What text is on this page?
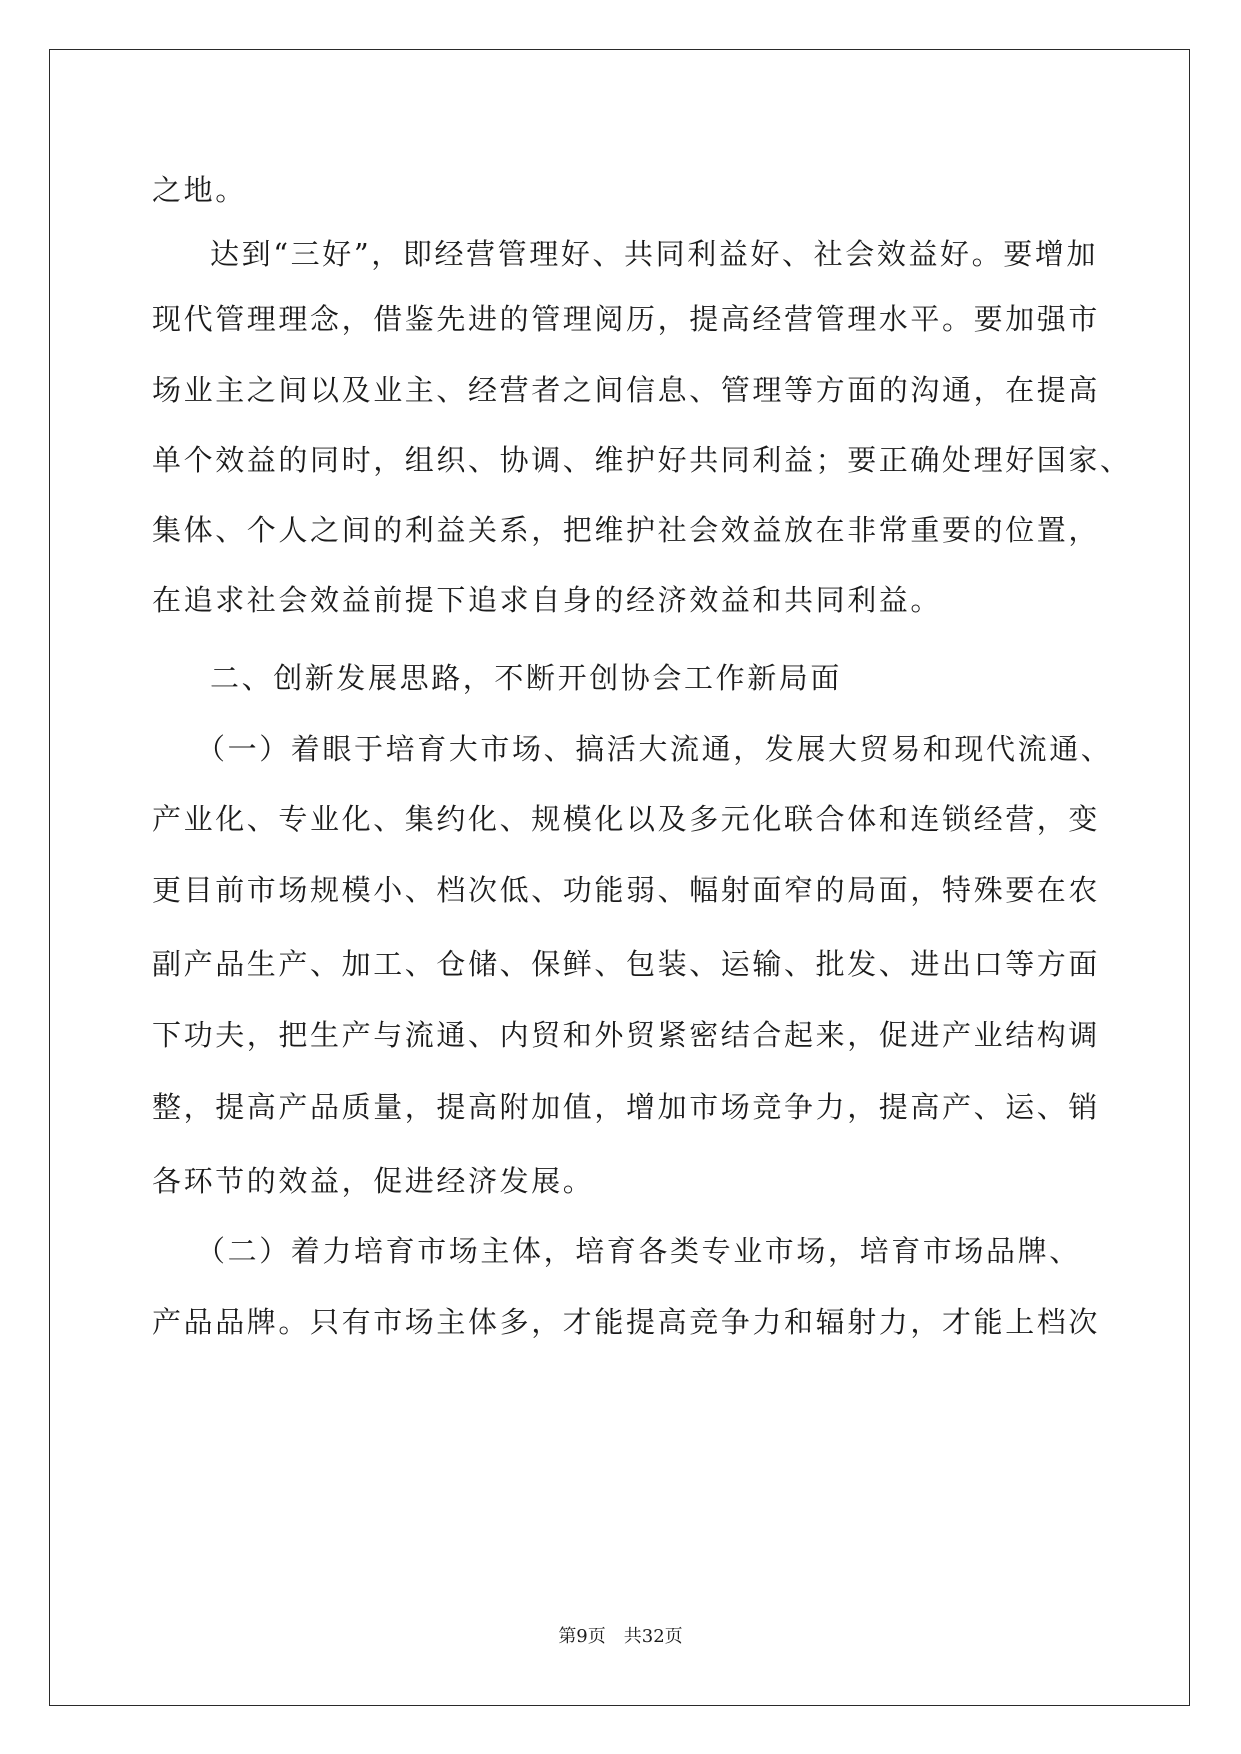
之地。
达到“三好”，即经营管理好、共同利益好、社会效益好。要增加
现代管理理念，借鉴先进的管理阅历，提高经营管理水平。要加强市
场业主之间以及业主、经营者之间信息、管理等方面的沟通，在提高
单个效益的同时，组织、协调、维护好共同利益；要正确处理好国家、
集体、个人之间的利益关系，把维护社会效益放在非常重要的位置，
在追求社会效益前提下追求自身的经济效益和共同利益。
二、创新发展思路，不断开创协会工作新局面
（一）着眼于培育大市场、搞活大流通，发展大贸易和现代流通、
产业化、专业化、集约化、规模化以及多元化联合体和连锁经营，变
更目前市场规模小、档次低、功能弱、幅射面窄的局面，特殊要在农
副产品生产、加工、仓储、保鲜、包装、运输、批发、进出口等方面
下功夫，把生产与流通、内贸和外贸紧密结合起来，促进产业结构调
整，提高产品质量，提高附加值，增加市场竞争力，提高产、运、销
各环节的效益，促进经济发展。
（二）着力培育市场主体，培育各类专业市场，培育市场品牌、
产品品牌。只有市场主体多，才能提高竞争力和辐射力，才能上档次
第9页 共32页
